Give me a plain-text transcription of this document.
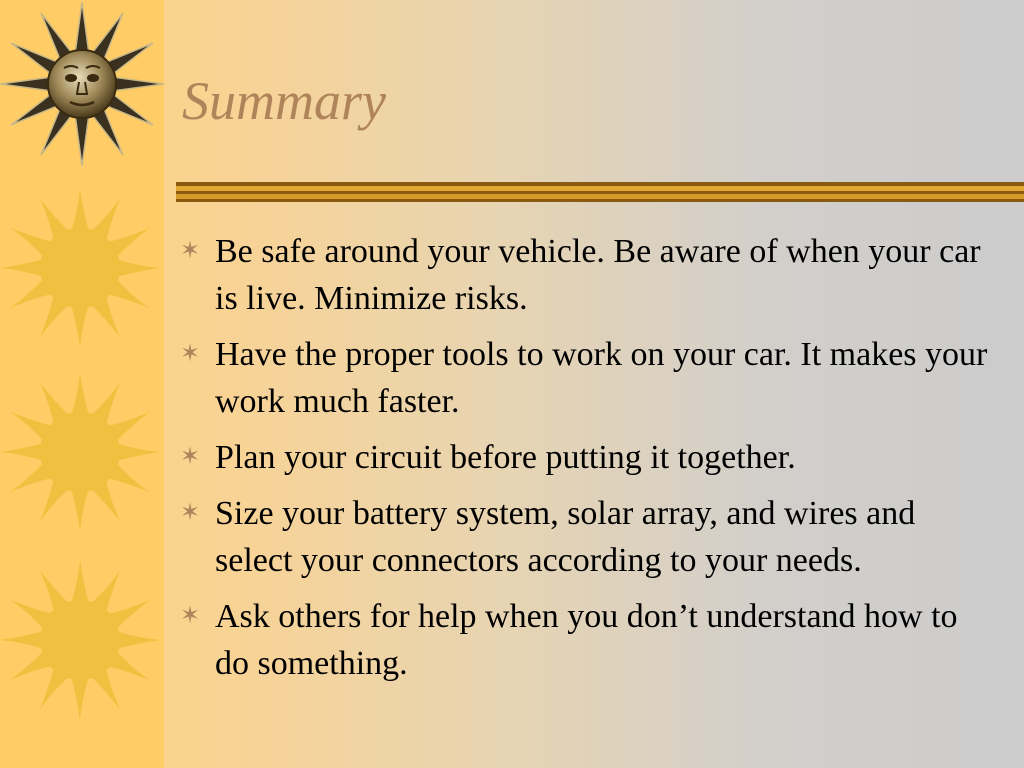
Summary
✶ Be safe around your vehicle. Be aware of when your car is live. Minimize risks.
✶ Have the proper tools to work on your car. It makes your work much faster.
✶ Plan your circuit before putting it together.
✶ Size your battery system, solar array, and wires and select your connectors according to your needs.
✶ Ask others for help when you don’t understand how to do something.
